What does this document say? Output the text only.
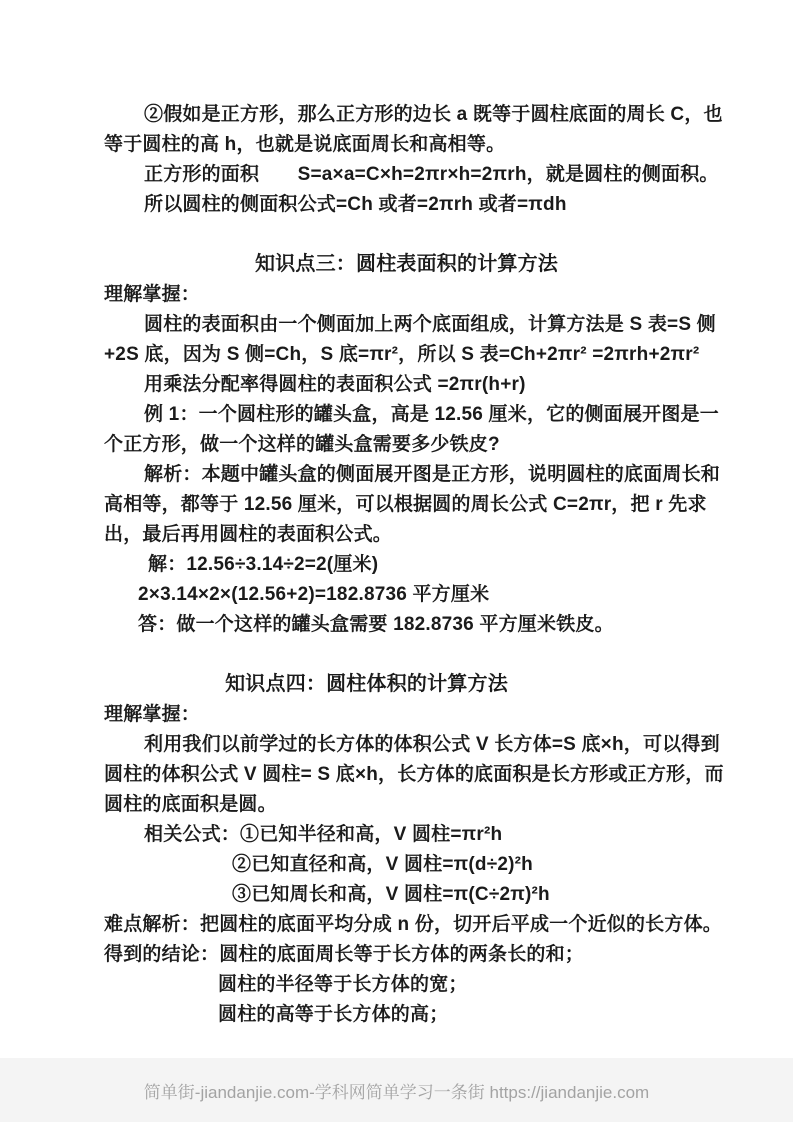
②假如是正方形，那么正方形的边长 a 既等于圆柱底面的周长 C，也等于圆柱的高 h，也就是说底面周长和高相等。

正方形的面积　　S=a×a=C×h=2πr×h=2πrh，就是圆柱的侧面积。

所以圆柱的侧面积公式=Ch 或者=2πrh 或者=πdh

知识点三：圆柱表面积的计算方法

理解掌握：

圆柱的表面积由一个侧面加上两个底面组成，计算方法是 S 表=S 侧+2S 底，因为 S 侧=Ch，S 底=πr²，所以 S 表=Ch+2πr² =2πrh+2πr²

用乘法分配率得圆柱的表面积公式 =2πr(h+r)

例 1：一个圆柱形的罐头盒，高是 12.56 厘米，它的侧面展开图是一个正方形，做一个这样的罐头盒需要多少铁皮?

解析：本题中罐头盒的侧面展开图是正方形，说明圆柱的底面周长和高相等，都等于 12.56 厘米，可以根据圆的周长公式 C=2πr，把 r 先求出，最后再用圆柱的表面积公式。

解：12.56÷3.14÷2=2(厘米)

2×3.14×2×(12.56+2)=182.8736 平方厘米

答：做一个这样的罐头盒需要 182.8736 平方厘米铁皮。

知识点四：圆柱体积的计算方法

理解掌握：

利用我们以前学过的长方体的体积公式 V 长方体=S 底×h，可以得到圆柱的体积公式 V 圆柱= S 底×h，长方体的底面积是长方形或正方形，而圆柱的底面积是圆。

相关公式：①已知半径和高，V 圆柱=πr²h

②已知直径和高，V 圆柱=π(d÷2)²h

③已知周长和高，V 圆柱=π(C÷2π)²h

难点解析：把圆柱的底面平均分成 n 份，切开后平成一个近似的长方体。

得到的结论：圆柱的底面周长等于长方体的两条长的和；

圆柱的半径等于长方体的宽；

圆柱的高等于长方体的高；

简单街-jiandanjie.com-学科网简单学习一条街 https://jiandanjie.com
